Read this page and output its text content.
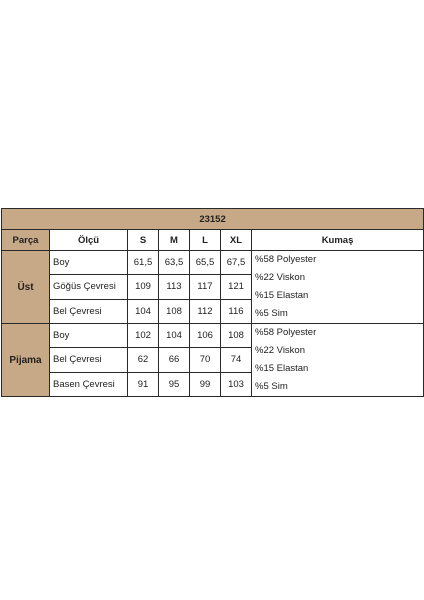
23152						
Parça	Ölçü	S	M	L	XL	Kumaş
Üst	Boy	61,5	63,5	65,5	67,5	%58 Polyester
%22 Viskon
%15 Elastan
%5 Sim

	Göğüs Çevresi	109	113	117	121	
	Bel Çevresi	104	108	112	116	
Pijama	Boy	102	104	106	108	%58 Polyester
%22 Viskon
%15 Elastan
%5 Sim

	Bel Çevresi	62	66	70	74	
	Basen Çevresi	91	95	99	103	
